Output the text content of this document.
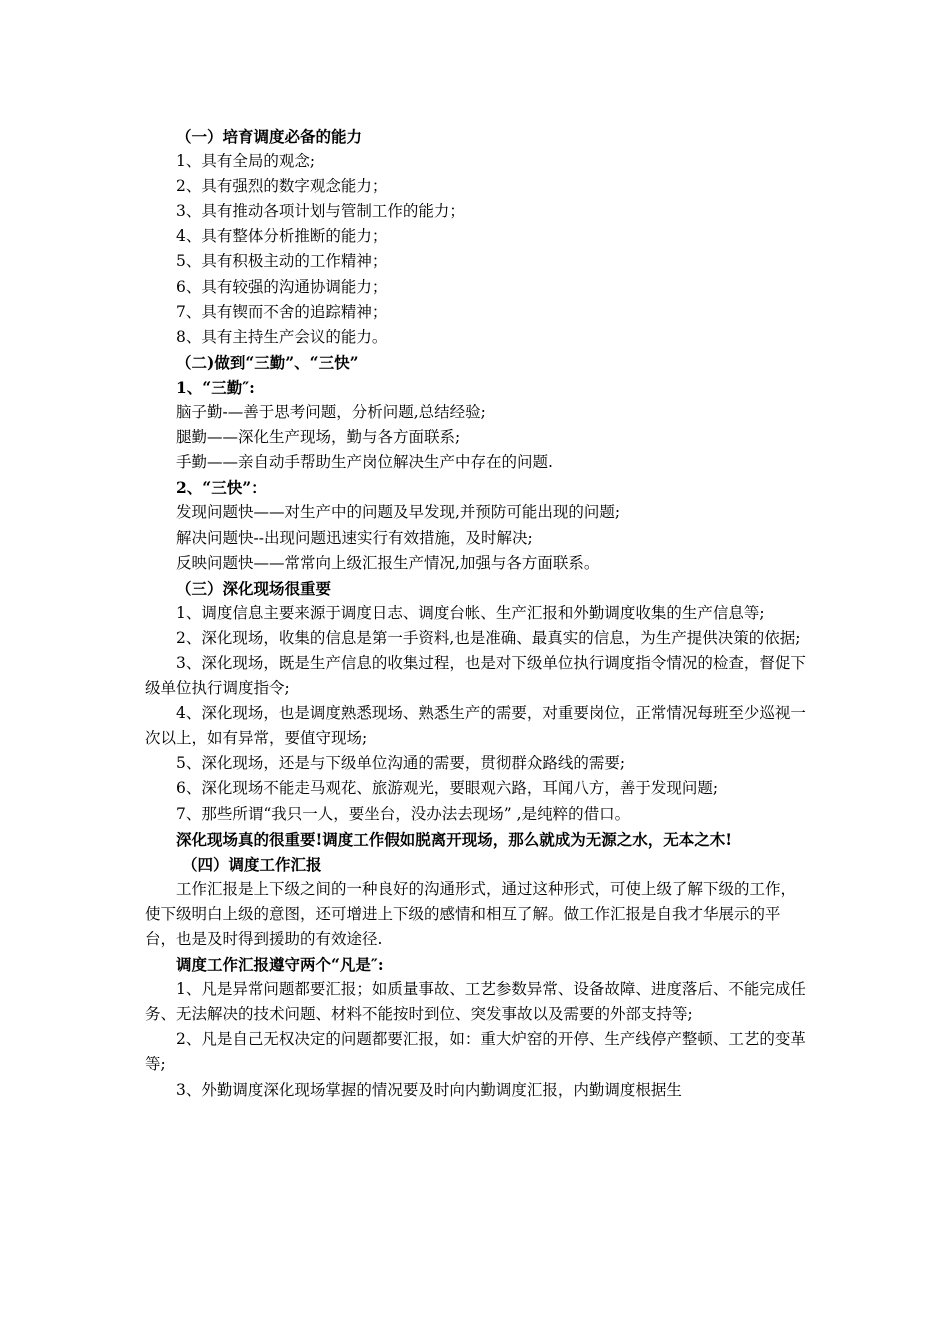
（一）培育调度必备的能力
1、具有全局的观念;
2、具有强烈的数字观念能力；
3、具有推动各项计划与管制工作的能力；
4、具有整体分析推断的能力；
5、具有积极主动的工作精神；
6、具有较强的沟通协调能力；
7、具有锲而不舍的追踪精神；
8、具有主持生产会议的能力。
（二)做到“三勤”、“三快”
1、“三勤″:
脑子勤-—善于思考问题，分析问题,总结经验;
腿勤——深化生产现场，勤与各方面联系;
手勤——亲自动手帮助生产岗位解决生产中存在的问题.
2、“三快”：
发现问题快——对生产中的问题及早发现,并预防可能出现的问题;
解决问题快--出现问题迅速实行有效措施，及时解决;
反映问题快——常常向上级汇报生产情况,加强与各方面联系。
（三）深化现场很重要
1、调度信息主要来源于调度日志、调度台帐、生产汇报和外勤调度收集的生产信息等;
2、深化现场，收集的信息是第一手资料,也是准确、最真实的信息，为生产提供决策的依据;
3、深化现场，既是生产信息的收集过程，也是对下级单位执行调度指令情况的检查，督促下级单位执行调度指令;
4、深化现场，也是调度熟悉现场、熟悉生产的需要，对重要岗位，正常情况每班至少巡视一次以上，如有异常，要值守现场;
5、深化现场，还是与下级单位沟通的需要，贯彻群众路线的需要;
6、深化现场不能走马观花、旅游观光，要眼观六路，耳闻八方，善于发现问题;
7、那些所谓“我只一人，要坐台，没办法去现场” ,是纯粹的借口。
深化现场真的很重要!调度工作假如脱离开现场，那么就成为无源之水，无本之木!
（四）调度工作汇报
工作汇报是上下级之间的一种良好的沟通形式，通过这种形式，可使上级了解下级的工作，使下级明白上级的意图，还可增进上下级的感情和相互了解。做工作汇报是自我才华展示的平台，也是及时得到援助的有效途径.
调度工作汇报遵守两个“凡是″:
1、凡是异常问题都要汇报；如质量事故、工艺参数异常、设备故障、进度落后、不能完成任务、无法解决的技术问题、材料不能按时到位、突发事故以及需要的外部支持等;
2、凡是自己无权决定的问题都要汇报，如：重大炉窑的开停、生产线停产整顿、工艺的变革等;
3、外勤调度深化现场掌握的情况要及时向内勤调度汇报，内勤调度根据生
